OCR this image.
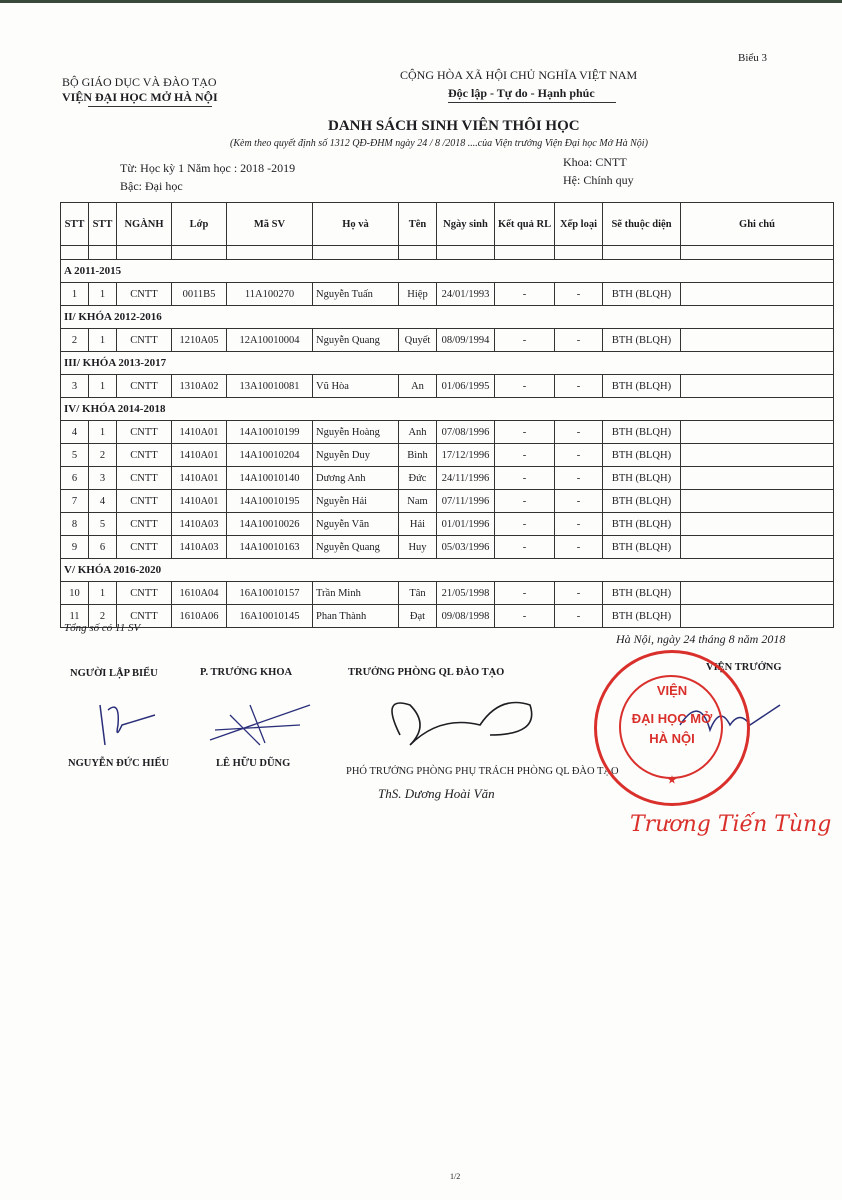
Biểu 3
BỘ GIÁO DỤC VÀ ĐÀO TẠO
VIỆN ĐẠI HỌC MỞ HÀ NỘI
CỘNG HÒA XÃ HỘI CHỦ NGHĨA VIỆT NAM
Độc lập - Tự do - Hạnh phúc
DANH SÁCH SINH VIÊN THÔI HỌC
(Kèm theo quyết định số 1312 QĐ-ĐHM ngày 24 / 8 /2018 ....của Viện trưởng Viện Đại học Mở Hà Nội)
Từ: Học kỳ 1 Năm học : 2018 -2019
Bậc: Đại học
Khoa: CNTT
Hệ: Chính quy
STT	STT	NGÀNH	Lớp	Mã SV	Họ và	Tên	Ngày sinh	Kết quả RL	Xếp loại	Sẽ thuộc diện	Ghi chú

A 2011-2015											
1	1	CNTT	0011B5	11A100270	Nguyễn Tuấn	Hiệp	24/01/1993	-	-	BTH (BLQH)	
II/ KHÓA 2012-2016											
2	1	CNTT	1210A05	12A10010004	Nguyễn Quang	Quyết	08/09/1994	-	-	BTH (BLQH)	
III/ KHÓA 2013-2017											
3	1	CNTT	1310A02	13A10010081	Vũ Hòa	An	01/06/1995	-	-	BTH (BLQH)	
IV/ KHÓA 2014-2018											
4	1	CNTT	1410A01	14A10010199	Nguyễn Hoàng	Anh	07/08/1996	-	-	BTH (BLQH)	
5	2	CNTT	1410A01	14A10010204	Nguyễn Duy	Bình	17/12/1996	-	-	BTH (BLQH)	
6	3	CNTT	1410A01	14A10010140	Dương Anh	Đức	24/11/1996	-	-	BTH (BLQH)	
7	4	CNTT	1410A01	14A10010195	Nguyễn Hải	Nam	07/11/1996	-	-	BTH (BLQH)	
8	5	CNTT	1410A03	14A10010026	Nguyễn Văn	Hải	01/01/1996	-	-	BTH (BLQH)	
9	6	CNTT	1410A03	14A10010163	Nguyễn Quang	Huy	05/03/1996	-	-	BTH (BLQH)	
V/ KHÓA 2016-2020											
10	1	CNTT	1610A04	16A10010157	Trần Minh	Tân	21/05/1998	-	-	BTH (BLQH)	
11	2	CNTT	1610A06	16A10010145	Phan Thành	Đạt	09/08/1998	-	-	BTH (BLQH)	
Tổng số có 11 SV
Hà Nội, ngày 24 tháng 8 năm 2018
NGƯỜI LẬP BIỂU	P. TRƯỞNG KHOA	TRƯỞNG PHÒNG QL ĐÀO TẠO	VIỆN TRƯỞNG
NGUYỄN ĐỨC HIẾU	LÊ HỮU DŨNG
PHÓ TRƯỞNG PHÒNG PHỤ TRÁCH PHÒNG QL ĐÀO TẠO
ThS. Dương Hoài Văn
VIỆN
ĐẠI HỌC MỞ
HÀ NỘI
★
Trương Tiến Tùng
1/2
